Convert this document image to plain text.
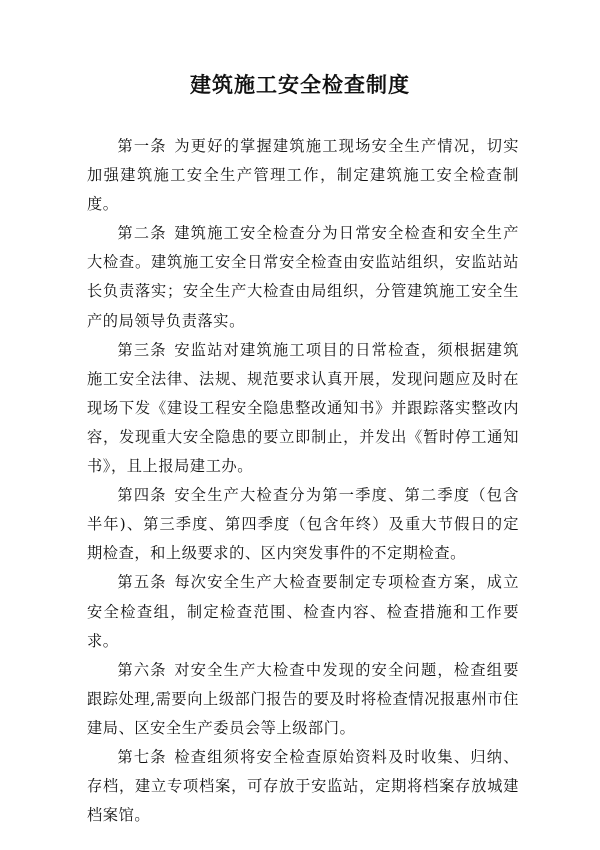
建筑施工安全检查制度

第一条 为更好的掌握建筑施工现场安全生产情况，切实加强建筑施工安全生产管理工作，制定建筑施工安全检查制度。

第二条 建筑施工安全检查分为日常安全检查和安全生产大检查。建筑施工安全日常安全检查由安监站组织，安监站站长负责落实；安全生产大检查由局组织，分管建筑施工安全生产的局领导负责落实。

第三条 安监站对建筑施工项目的日常检查，须根据建筑施工安全法律、法规、规范要求认真开展，发现问题应及时在现场下发《建设工程安全隐患整改通知书》并跟踪落实整改内容，发现重大安全隐患的要立即制止，并发出《暂时停工通知书》，且上报局建工办。

第四条 安全生产大检查分为第一季度、第二季度（包含半年)、第三季度、第四季度（包含年终）及重大节假日的定期检查，和上级要求的、区内突发事件的不定期检查。

第五条 每次安全生产大检查要制定专项检查方案，成立安全检查组，制定检查范围、检查内容、检查措施和工作要求。

第六条 对安全生产大检查中发现的安全问题，检查组要跟踪处理,需要向上级部门报告的要及时将检查情况报惠州市住建局、区安全生产委员会等上级部门。

第七条 检查组须将安全检查原始资料及时收集、归纳、存档，建立专项档案，可存放于安监站，定期将档案存放城建档案馆。
